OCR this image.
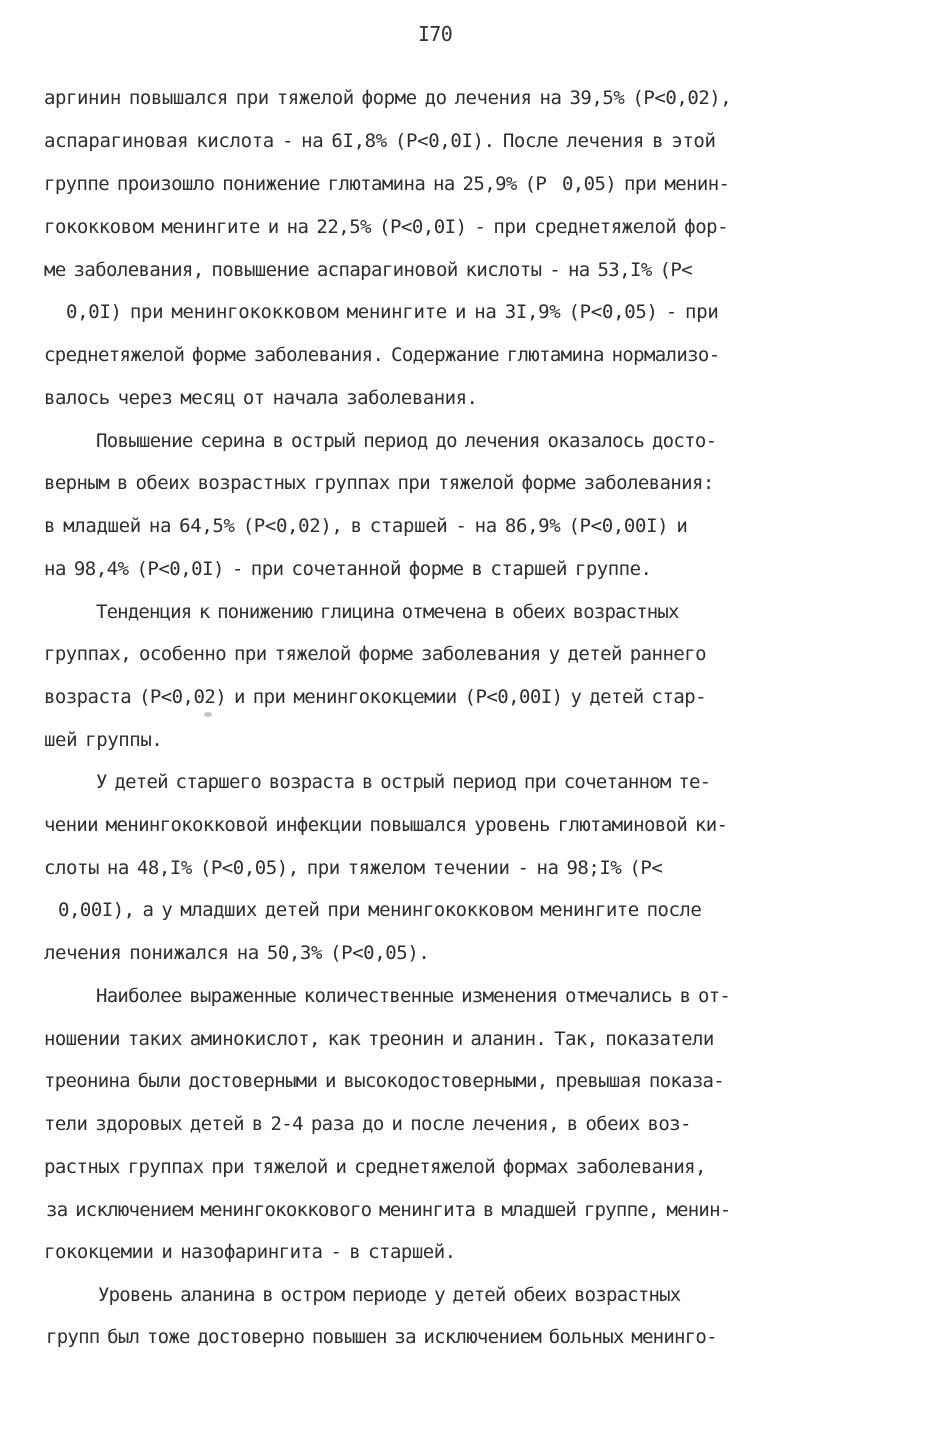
I70
аргинин повышался при тяжелой форме до лечения на 39,5% (P<0,02),
аспарагиновая кислота - на 6I,8% (P<0,0I). После лечения в этой
группе произошло понижение глютамина на 25,9% (P  0,05) при менин-
гококковом менингите и на 22,5% (P<0,0I) - при среднетяжелой фор-
ме заболевания, повышение аспарагиновой кислоты - на 53,I% (P<
0,0I) при менингококковом менингите и на 3I,9% (P<0,05) - при
среднетяжелой форме заболевания. Содержание глютамина нормализо-
валось через месяц от начала заболевания.
Повышение серина в острый период до лечения оказалось досто-
верным в обеих возрастных группах при тяжелой форме заболевания:
в младшей на 64,5% (P<0,02), в старшей - на 86,9% (P<0,00I) и
на 98,4% (P<0,0I) - при сочетанной форме в старшей группе.
Тенденция к понижению глицина отмечена в обеих возрастных
группах, особенно при тяжелой форме заболевания у детей раннего
возраста (P<0,02) и при менингококцемии (P<0,00I) у детей стар-
шей группы.
У детей старшего возраста в острый период при сочетанном те-
чении менингококковой инфекции повышался уровень глютаминовой ки-
слоты на 48,I% (P<0,05), при тяжелом течении - на 98;I% (P<
0,00I), а у младших детей при менингококковом менингите после
лечения понижался на 50,3% (P<0,05).
Наиболее выраженные количественные изменения отмечались в от-
ношении таких аминокислот, как треонин и аланин. Так, показатели
треонина были достоверными и высокодостоверными, превышая показа-
тели здоровых детей в 2-4 раза до и после лечения, в обеих воз-
растных группах при тяжелой и среднетяжелой формах заболевания,
за исключением менингококкового менингита в младшей группе, менин-
гококцемии и назофарингита - в старшей.
Уровень аланина в остром периоде у детей обеих возрастных
групп был тоже достоверно повышен за исключением больных менинго-
